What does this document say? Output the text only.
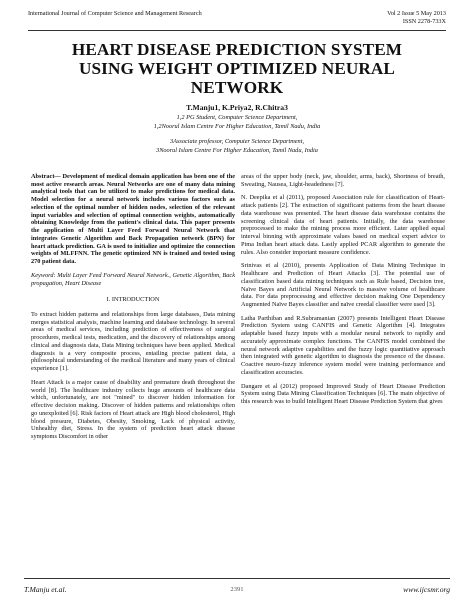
International Journal of Computer Science and Management Research	Vol 2 Issue 5 May 2013
ISSN 2278-733X
HEART DISEASE PREDICTION SYSTEM
USING WEIGHT OPTIMIZED NEURAL
NETWORK
T.Manju1, K.Priya2, R.Chitra3
1,2 PG Student, Computer Science Department,
1,2Noorul Islam Centre For Higher Education, Tamil Nadu, India
3Associate professor, Computer Science Department,
3Noorul Islam Centre For Higher Education, Tamil Nadu, India

Abstract— Development of medical domain application has been one of the most active research areas. Neural Networks are one of many data mining analytical tools that can be utilized to make predictions for medical data. Model selection for a neural network includes various factors such as selection of the optimal number of hidden nodes, selection of the relevant input variables and selection of optimal connection weights, automatically obtaining Knowledge from the patient's clinical data. This paper presents the application of Multi Layer Feed Forward Neural Network that integrates Genetic Algorithm and Back Propagation network (BPN) for heart attack prediction. GA is used to initialize and optimize the connection weights of MLFFNN. The genetic optimized NN is trained and tested using 270 patient data.

Keyword: Multi Layer Feed Forward Neural Network., Genetic Algorithm, Back propagation, Heart Disease

I. INTRODUCTION

To extract hidden patterns and relationships from large databases, Data mining merges statistical analysis, machine learning and database technology. In several areas of medical services, including prediction of effectiveness of surgical procedures, medical tests, medication, and the discovery of relationships among clinical and diagnosis data, Data Mining techniques have been applied. Medical diagnosis is a very composite process, entailing precise patient data, a philosophical understanding of the medical literature and many years of clinical experience [1].

Heart Attack is a major cause of disability and premature death throughout the world [8]. The healthcare industry collects huge amounts of healthcare data which, unfortunately, are not "mined" to discover hidden information for effective decision making. Discover of hidden patterns and relationships often go unexploited [6]. Risk factors of Heart attack are High blood cholesterol, High blood pressure, Diabetes, Obesity, Smoking, Lack of physical activity, Unhealthy diet, Stress. In the system of prediction heart attack disease symptoms Discomfort in other

areas of the upper body (neck, jaw, shoulder, arms, back), Shortness of breath, Sweating, Nausea, Light-headedness [7].

N. Deepika et al (2011), proposed Association rule for classification of Heart-attack patients [2]. The extraction of significant patterns from the heart disease data warehouse was presented. The heart disease data warehouse contains the screening clinical data of heart patients. Initially, the data warehouse preprocessed to make the mining process more efficient. Later applied equal interval binning with approximate values based on medical expert advice to Pima Indian heart attack data. Lastly applied PCAR algorithm to generate the rules. Also consider important measure confidence.

Srinivas et al (2010), presents Application of Data Mining Technique in Healthcare and Prediction of Heart Attacks [3]. The potential use of classification based data mining techniques such as Rule based, Decision tree, Naïve Bayes and Artificial Neural Network to massive volume of healthcare data. For data preprocessing and effective decision making One Dependency Augmented Naïve Bayes classifier and naïve creedal classifier were used [3].

Latha Parthiban and R.Subramanian (2007) presents Intelligent Heart Disease Prediction System using CANFIS and Genetic Algorithm [4]. Integrates adaptable based fuzzy inputs with a modular neural network to rapidly and accurately approximate complex functions. The CANFIS model combined the neural network adaptive capabilities and the fuzzy logic quantitative approach then integrated with genetic algorithm to diagnosis the presence of the disease. Coactive neuro-fuzzy inference system model were training performance and classification accuracies.

Dangare et al (2012) proposed Improved Study of Heart Disease Prediction System using Data Mining Classification Techniques [6]. The main objective of this research was to build Intelligent Heart Disease Prediction System that gives

T.Manju et.al.	2391	www.ijcsmr.org
